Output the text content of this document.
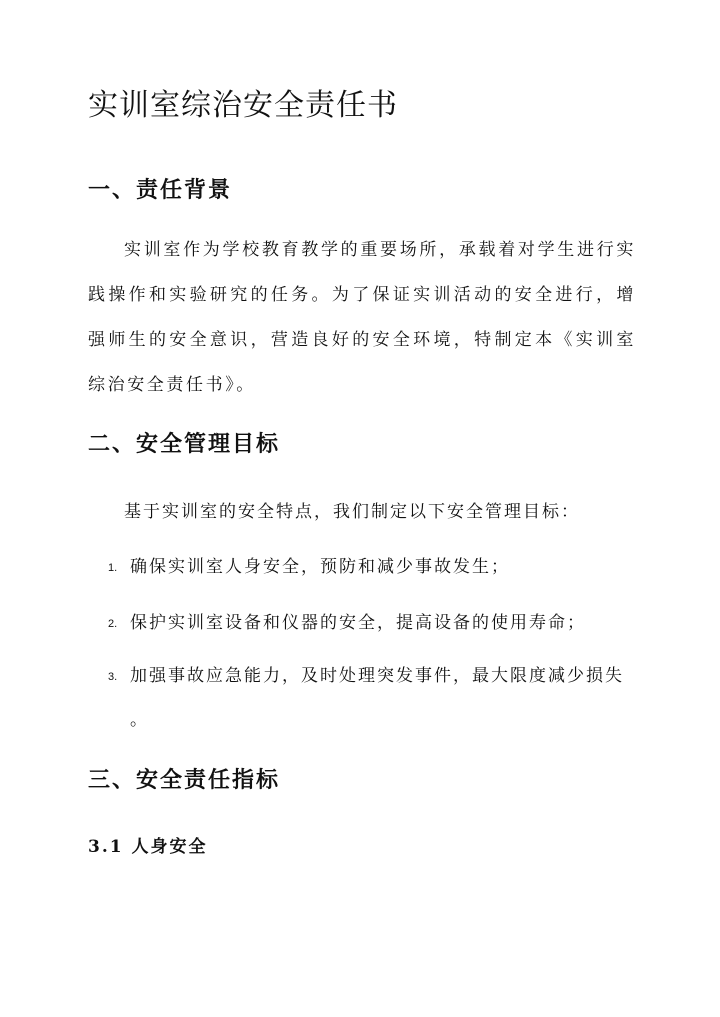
实训室综治安全责任书
一、责任背景

实训室作为学校教育教学的重要场所，承载着对学生进行实践操作和实验研究的任务。为了保证实训活动的安全进行，增强师生的安全意识，营造良好的安全环境，特制定本《实训室综治安全责任书》。

二、安全管理目标

基于实训室的安全特点，我们制定以下安全管理目标：

1. 确保实训室人身安全，预防和减少事故发生；
2. 保护实训室设备和仪器的安全，提高设备的使用寿命；
3. 加强事故应急能力，及时处理突发事件，最大限度减少损失
。
三、安全责任指标
3.1 人身安全
